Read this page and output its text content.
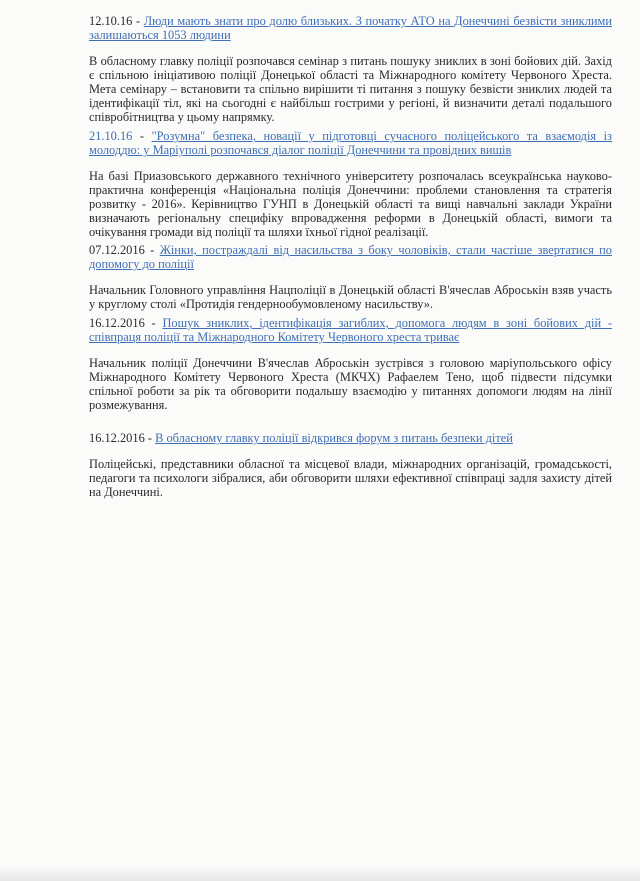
12.10.16 - Люди мають знати про долю близьких. З початку АТО на Донеччині безвісти зниклими залишаються 1053 людини

В обласному главку поліції розпочався семінар з питань пошуку зниклих в зоні бойових дій. Захід є спільною ініціативою поліції Донецької області та Міжнародного комітету Червоного Хреста. Мета семінару – встановити та спільно вирішити ті питання з пошуку безвісти зниклих людей та ідентифікації тіл, які на сьогодні є найбільш гострими у регіоні, й визначити деталі подальшого співробітництва у цьому напрямку.

21.10.16 - "Розумна" безпека, новації у підготовці сучасного поліцейського та взаємодія із молоддю: у Маріуполі розпочався діалог поліції Донеччини та провідних вишів

На базі Приазовського державного технічного університету розпочалась всеукраїнська науково-практична конференція «Національна поліція Донеччини: проблеми становлення та стратегія розвитку - 2016». Керівництво ГУНП в Донецькій області та вищі навчальні заклади України визначають регіональну специфіку впровадження реформи в Донецькій області, вимоги та очікування громади від поліції та шляхи їхньої гідної реалізації.

07.12.2016 - Жінки, постраждалі від насильства з боку чоловіків, стали частіше звертатися по допомогу до поліції

Начальник Головного управління Нацполіції в Донецькій області В'ячеслав Аброськін взяв участь у круглому столі «Протидія гендернообумовленому насильству».

16.12.2016 - Пошук зниклих, ідентифікація загиблих, допомога людям в зоні бойових дій - співпраця поліції та Міжнародного Комітету Червоного хреста триває

Начальник поліції Донеччини В'ячеслав Аброськін зустрівся з головою маріупольського офісу Міжнародного Комітету Червоного Хреста (МКЧХ) Рафаелем Тено, щоб підвести підсумки спільної роботи за рік та обговорити подальшу взаємодію у питаннях допомоги людям на лінії розмежування.

16.12.2016 - В обласному главку поліції відкрився форум з питань безпеки дітей

Поліцейські, представники обласної та місцевої влади, міжнародних організацій, громадськості, педагоги та психологи зібралися, аби обговорити шляхи ефективної співпраці задля захисту дітей на Донеччині.
